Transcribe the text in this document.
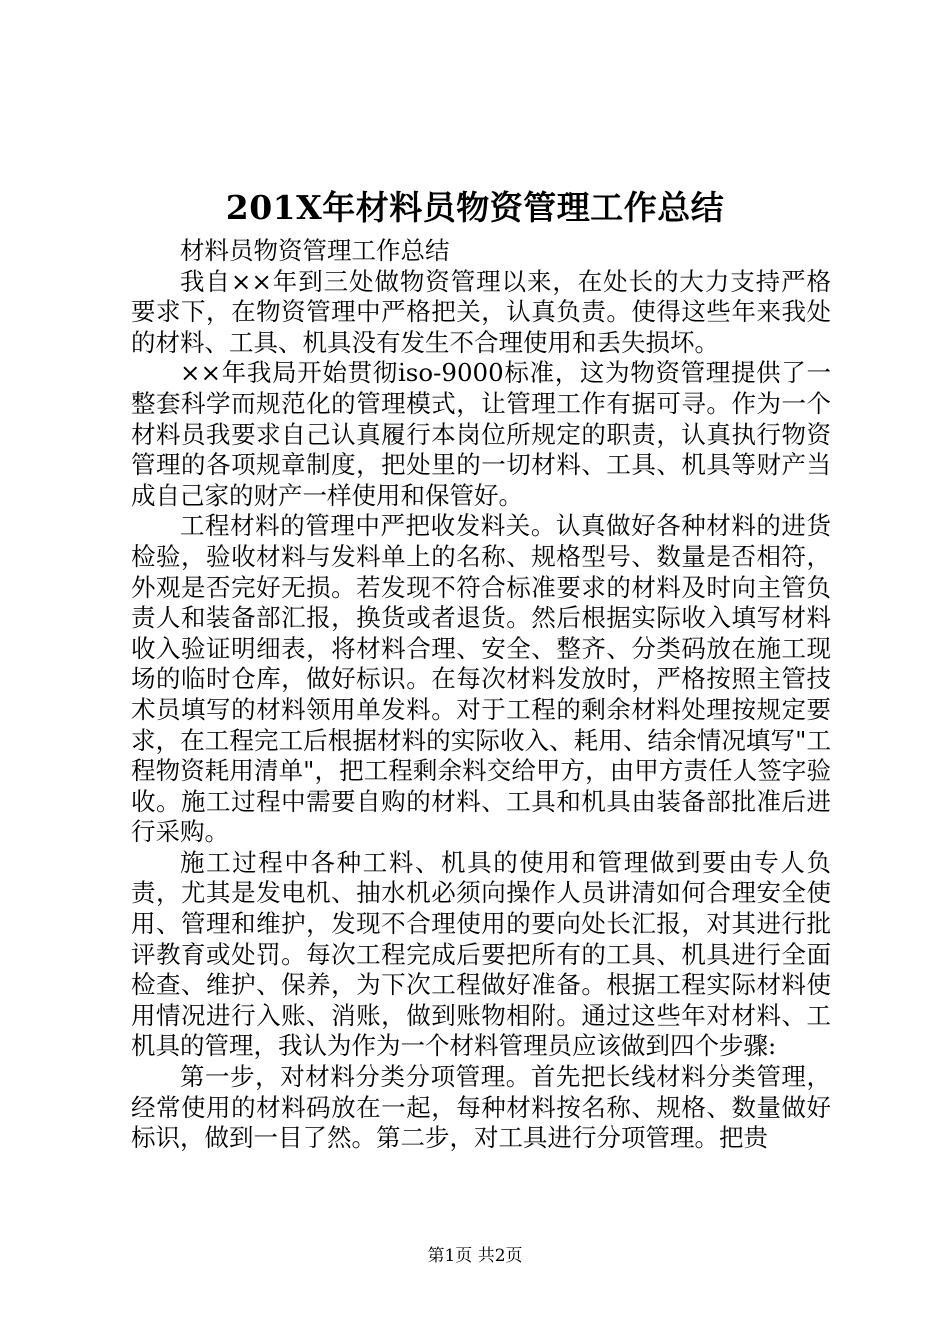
201X年材料员物资管理工作总结

材料员物资管理工作总结

我自××年到三处做物资管理以来，在处长的大力支持严格要求下，在物资管理中严格把关，认真负责。使得这些年来我处的材料、工具、机具没有发生不合理使用和丢失损坏。

××年我局开始贯彻iso-9000标准，这为物资管理提供了一整套科学而规范化的管理模式，让管理工作有据可寻。作为一个材料员我要求自己认真履行本岗位所规定的职责，认真执行物资管理的各项规章制度，把处里的一切材料、工具、机具等财产当成自己家的财产一样使用和保管好。

工程材料的管理中严把收发料关。认真做好各种材料的进货检验，验收材料与发料单上的名称、规格型号、数量是否相符，外观是否完好无损。若发现不符合标准要求的材料及时向主管负责人和装备部汇报，换货或者退货。然后根据实际收入填写材料收入验证明细表，将材料合理、安全、整齐、分类码放在施工现场的临时仓库，做好标识。在每次材料发放时，严格按照主管技术员填写的材料领用单发料。对于工程的剩余材料处理按规定要求，在工程完工后根据材料的实际收入、耗用、结余情况填写"工程物资耗用清单"，把工程剩余料交给甲方，由甲方责任人签字验收。施工过程中需要自购的材料、工具和机具由装备部批准后进行采购。

施工过程中各种工料、机具的使用和管理做到要由专人负责，尤其是发电机、抽水机必须向操作人员讲清如何合理安全使用、管理和维护，发现不合理使用的要向处长汇报，对其进行批评教育或处罚。每次工程完成后要把所有的工具、机具进行全面检查、维护、保养，为下次工程做好准备。根据工程实际材料使用情况进行入账、消账，做到账物相附。通过这些年对材料、工机具的管理，我认为作为一个材料管理员应该做到四个步骤:

第一步，对材料分类分项管理。首先把长线材料分类管理，经常使用的材料码放在一起，每种材料按名称、规格、数量做好标识，做到一目了然。第二步，对工具进行分项管理。把贵

第1页 共2页
